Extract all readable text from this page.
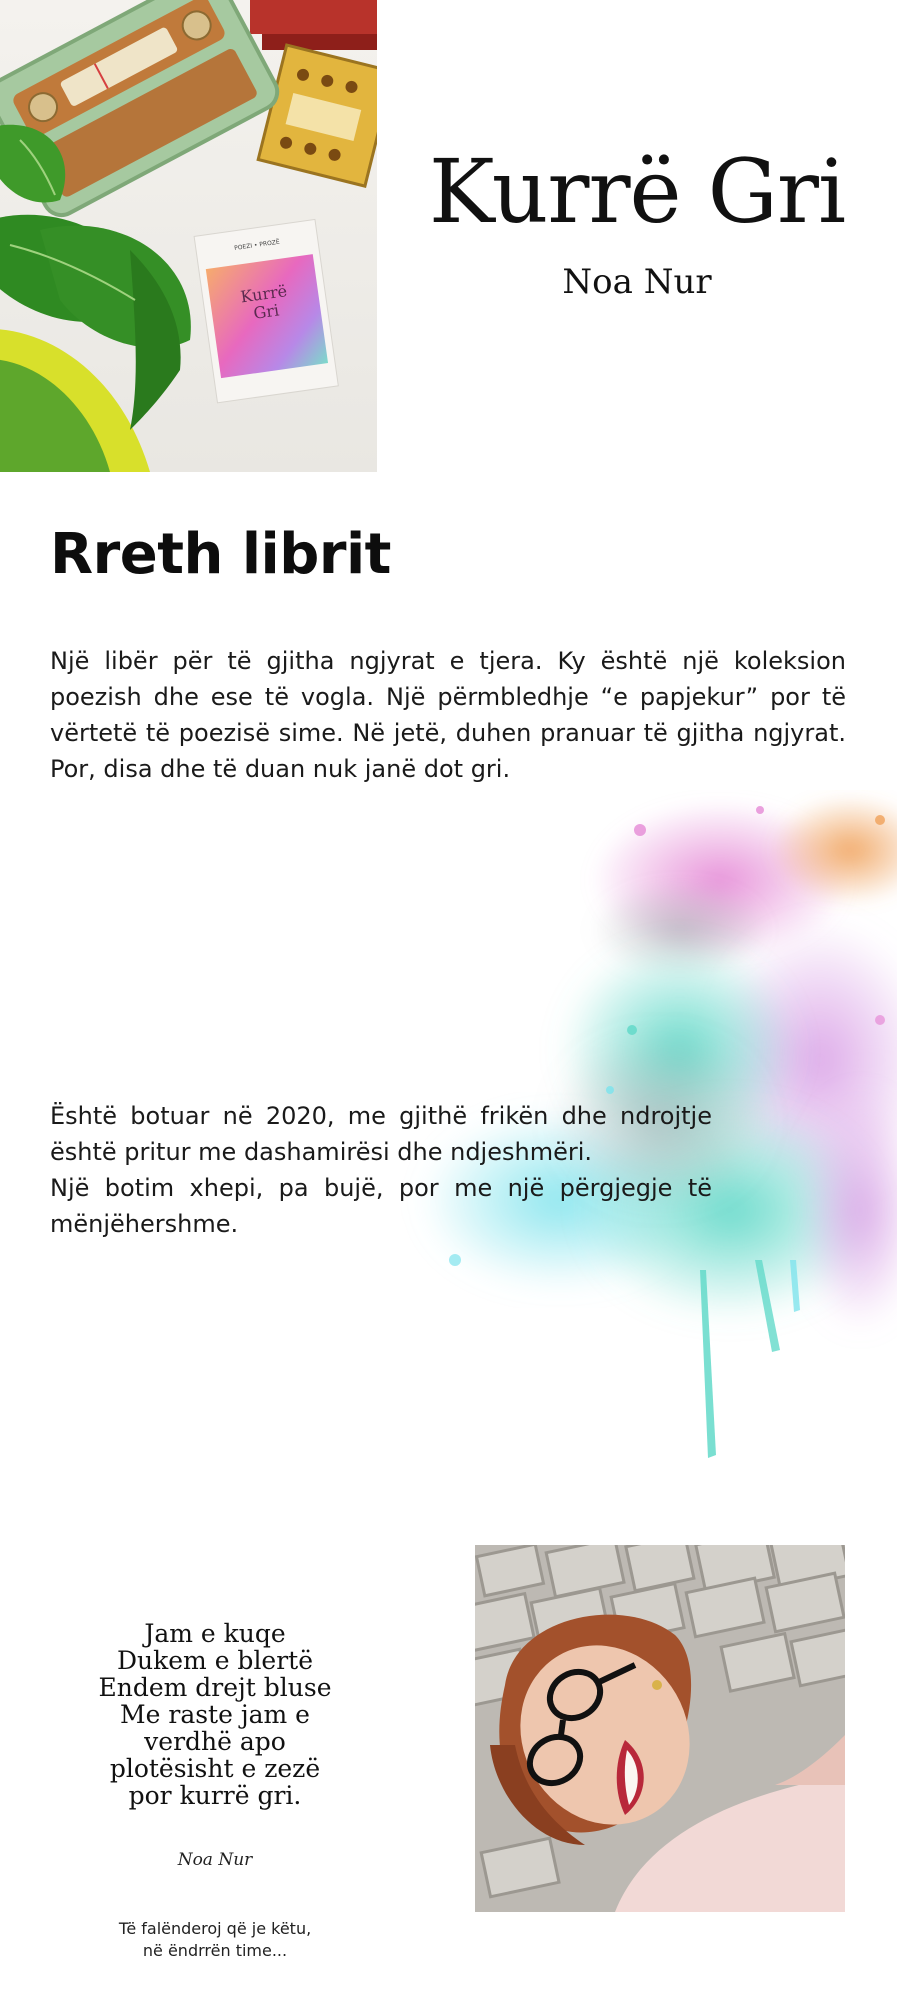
POEZI • PROZË
Kurrë
Gri
Kurrë Gri
Noa Nur
Rreth librit
Një libër për të gjitha ngjyrat e tjera. Ky është një koleksion poezish dhe ese të vogla. Një përmbledhje “e papjekur” por të vërtetë të poezisë sime. Në jetë, duhen pranuar të gjitha ngjyrat. Por, disa dhe të duan nuk janë dot gri.

Është botuar në 2020, me gjithë frikën dhe ndrojtje është pritur me dashamirësi dhe ndjeshmëri.

Një botim xhepi, pa bujë, por me një përgjegje të mënjëhershme.

Jam e kuqe
Dukem e blertë
Endem drejt bluse
Me raste jam e
verdhë apo
plotësisht e zezë
por kurrë gri.
Noa Nur
Të falënderoj që je këtu,
në ëndrrën time...
